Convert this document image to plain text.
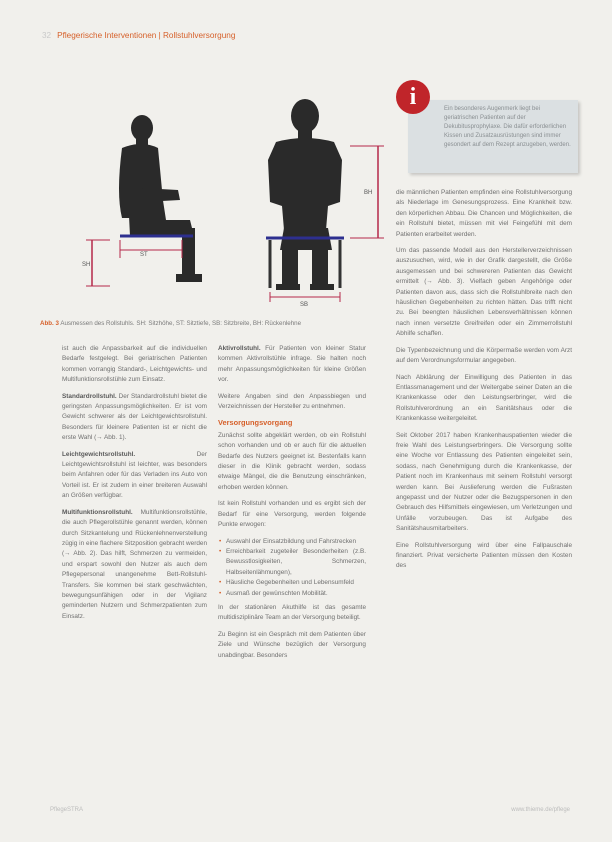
32 Pflegerische Interventionen | Rollstuhlversorgung
SH
ST
BH
SB
Abb. 3 Ausmessen des Rollstuhls. SH: Sitzhöhe, ST: Sitztiefe, SB: Sitzbreite, BH: Rückenlehne
Ein besonderes Augenmerk liegt bei geriatrischen Patienten auf der Dekubitusprophylaxe. Die dafür erforderlichen Kissen und Zusatzausrüstungen sind immer gesondert auf dem Rezept anzugeben, werden.
i

ist auch die Anpassbarkeit auf die individuellen Bedarfe festgelegt. Bei geriatrischen Patienten kommen vorrangig Standard-, Leichtgewichts- und Multifunktionsrollstühle zum Einsatz.

Standardrollstuhl. Der Standardrollstuhl bietet die geringsten Anpassungsmöglichkeiten. Er ist vom Gewicht schwerer als der Leichtgewichtsrollstuhl. Besonders für kleinere Patienten ist er nicht die erste Wahl (→ Abb. 1).

Leichtgewichtsrollstuhl.	Der Leichtgewichtsrollstuhl ist leichter, was besonders beim Anfahren oder für das Verladen ins Auto von Vorteil ist. Er ist zudem in einer breiteren Auswahl an Größen verfügbar.

Multifunktionsrollstuhl. Multifunktionsrollstühle, die auch Pflegerollstühle genannt werden, können durch Sitzkantelung und Rückenlehnenverstellung zügig in eine flachere Sitzposition gebracht werden (→ Abb. 2). Das hilft, Schmerzen zu vermeiden, und erspart sowohl den Nutzer als auch dem Pflegepersonal unangenehme Bett-Rollstuhl-Transfers. Sie kommen bei stark geschwächten, bewegungsunfähigen oder in der Vigilanz geminderten Nutzern und Schmerzpatienten zum Einsatz.

Aktivrollstuhl. Für Patienten von kleiner Statur kommen Aktivrollstühle infrage. Sie halten noch mehr Anpassungsmöglichkeiten für kleine Größen vor.

Weitere Angaben sind den Anpassbiegen und Verzeichnissen der Hersteller zu entnehmen.

Versorgungsvorgang

Zunächst sollte abgeklärt werden, ob ein Rollstuhl schon vorhanden und ob er auch für die aktuellen Bedarfe des Nutzers geeignet ist. Bestenfalls kann dieser in die Klinik gebracht werden, sodass etwaige Mängel, die die Benutzung einschränken, erhoben werden können.

Ist kein Rollstuhl vorhanden und es ergibt sich der Bedarf für eine Versorgung, werden folgende Punkte erwogen:

• Auswahl der Einsatzbildung und Fahrstrecken
• Erreichbarkeit zugeteiler Besonderheiten (z.B. Bewusstlosigkeiten, Schmerzen, Halbseitenlähmungen),
• Häusliche Gegebenheiten und Lebensumfeld
• Ausmaß der gewünschten Mobilität.

In der stationären Akuthilfe ist das gesamte multidisziplinäre Team an der Versorgung beteiligt.

Zu Beginn ist ein Gespräch mit dem Patienten über Ziele und Wünsche bezüglich der Versorgung unabdingbar. Besonders

die männlichen Patienten empfinden eine Rollstuhlversorgung als Niederlage im Genesungsprozess. Eine Krankheit bzw. den körperlichen Abbau. Die Chancen und Möglichkeiten, die ein Rollstuhl bietet, müssen mit viel Feingefühl mit dem Patienten erarbeitet werden.

Um das passende Modell aus den Herstellerverzeichnissen auszusuchen, wird, wie in der Grafik dargestellt, die Größe ausgemessen und bei schwereren Patienten das Gewicht ermittelt (→ Abb. 3). Vielfach geben Angehörige oder Patienten davon aus, dass sich die Rollstuhlbreite nach den häuslichen Gegebenheiten zu richten hätten. Das trifft nicht zu. Bei beengten häuslichen Lebensverhältnissen können nach innen versetzte Greifreifen oder ein Zimmerrollstuhl Abhilfe schaffen.

Die Typenbezeichnung und die Körpermaße werden vom Arzt auf dem Verordnungsformular angegeben.

Nach Abklärung der Einwilligung des Patienten in das Entlassmanagement und der Weitergabe seiner Daten an die Krankenkasse oder den Leistungserbringer, wird die Rollstuhlverordnung an ein Sanitätshaus oder die Krankenkasse weitergeleitet.

Seit Oktober 2017 haben Krankenhauspatienten wieder die freie Wahl des Leistungserbringers. Die Versorgung sollte eine Woche vor Entlassung des Patienten eingeleitet sein, sodass, nach Genehmigung durch die Krankenkasse, der Patient noch im Krankenhaus mit seinem Rollstuhl versorgt werden kann. Bei Auslieferung werden die Fußrasten angepasst und der Nutzer oder die Bezugspersonen in den Gebrauch des Hilfsmittels eingewiesen, um Verletzungen und Unfälle vorzubeugen. Das ist Aufgabe des Sanitätshausmitarbeiters.

Eine Rollstuhlversorgung wird über eine Fallpauschale finanziert. Privat versicherte Patienten müssen den Kosten des

PflegeSTRA	www.thieme.de/pflege
